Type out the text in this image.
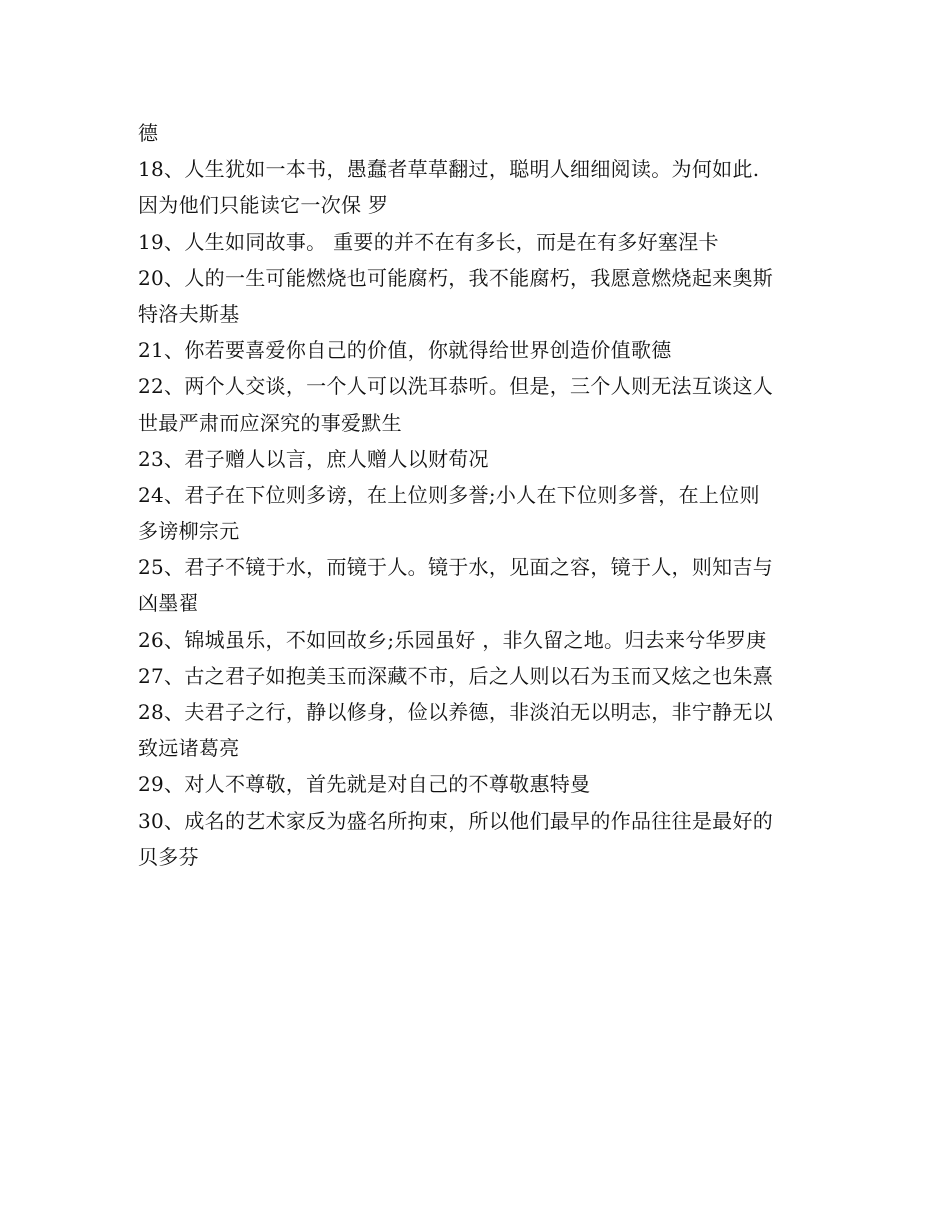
德
18、人生犹如一本书，愚蠢者草草翻过，聪明人细细阅读。为何如此.
因为他们只能读它一次保 罗
19、人生如同故事。 重要的并不在有多长，而是在有多好塞涅卡
20、人的一生可能燃烧也可能腐朽，我不能腐朽，我愿意燃烧起来奥斯
特洛夫斯基
21、你若要喜爱你自己的价值，你就得给世界创造价值歌德
22、两个人交谈，一个人可以洗耳恭听。但是，三个人则无法互谈这人
世最严肃而应深究的事爱默生
23、君子赠人以言，庶人赠人以财荀况
24、君子在下位则多谤，在上位则多誉;小人在下位则多誉，在上位则
多谤柳宗元
25、君子不镜于水，而镜于人。镜于水，见面之容，镜于人，则知吉与
凶墨翟
26、锦城虽乐，不如回故乡;乐园虽好 ，非久留之地。归去来兮华罗庚
27、古之君子如抱美玉而深藏不市，后之人则以石为玉而又炫之也朱熹
28、夫君子之行，静以修身，俭以养德，非淡泊无以明志，非宁静无以
致远诸葛亮
29、对人不尊敬，首先就是对自己的不尊敬惠特曼
30、成名的艺术家反为盛名所拘束，所以他们最早的作品往往是最好的
贝多芬
